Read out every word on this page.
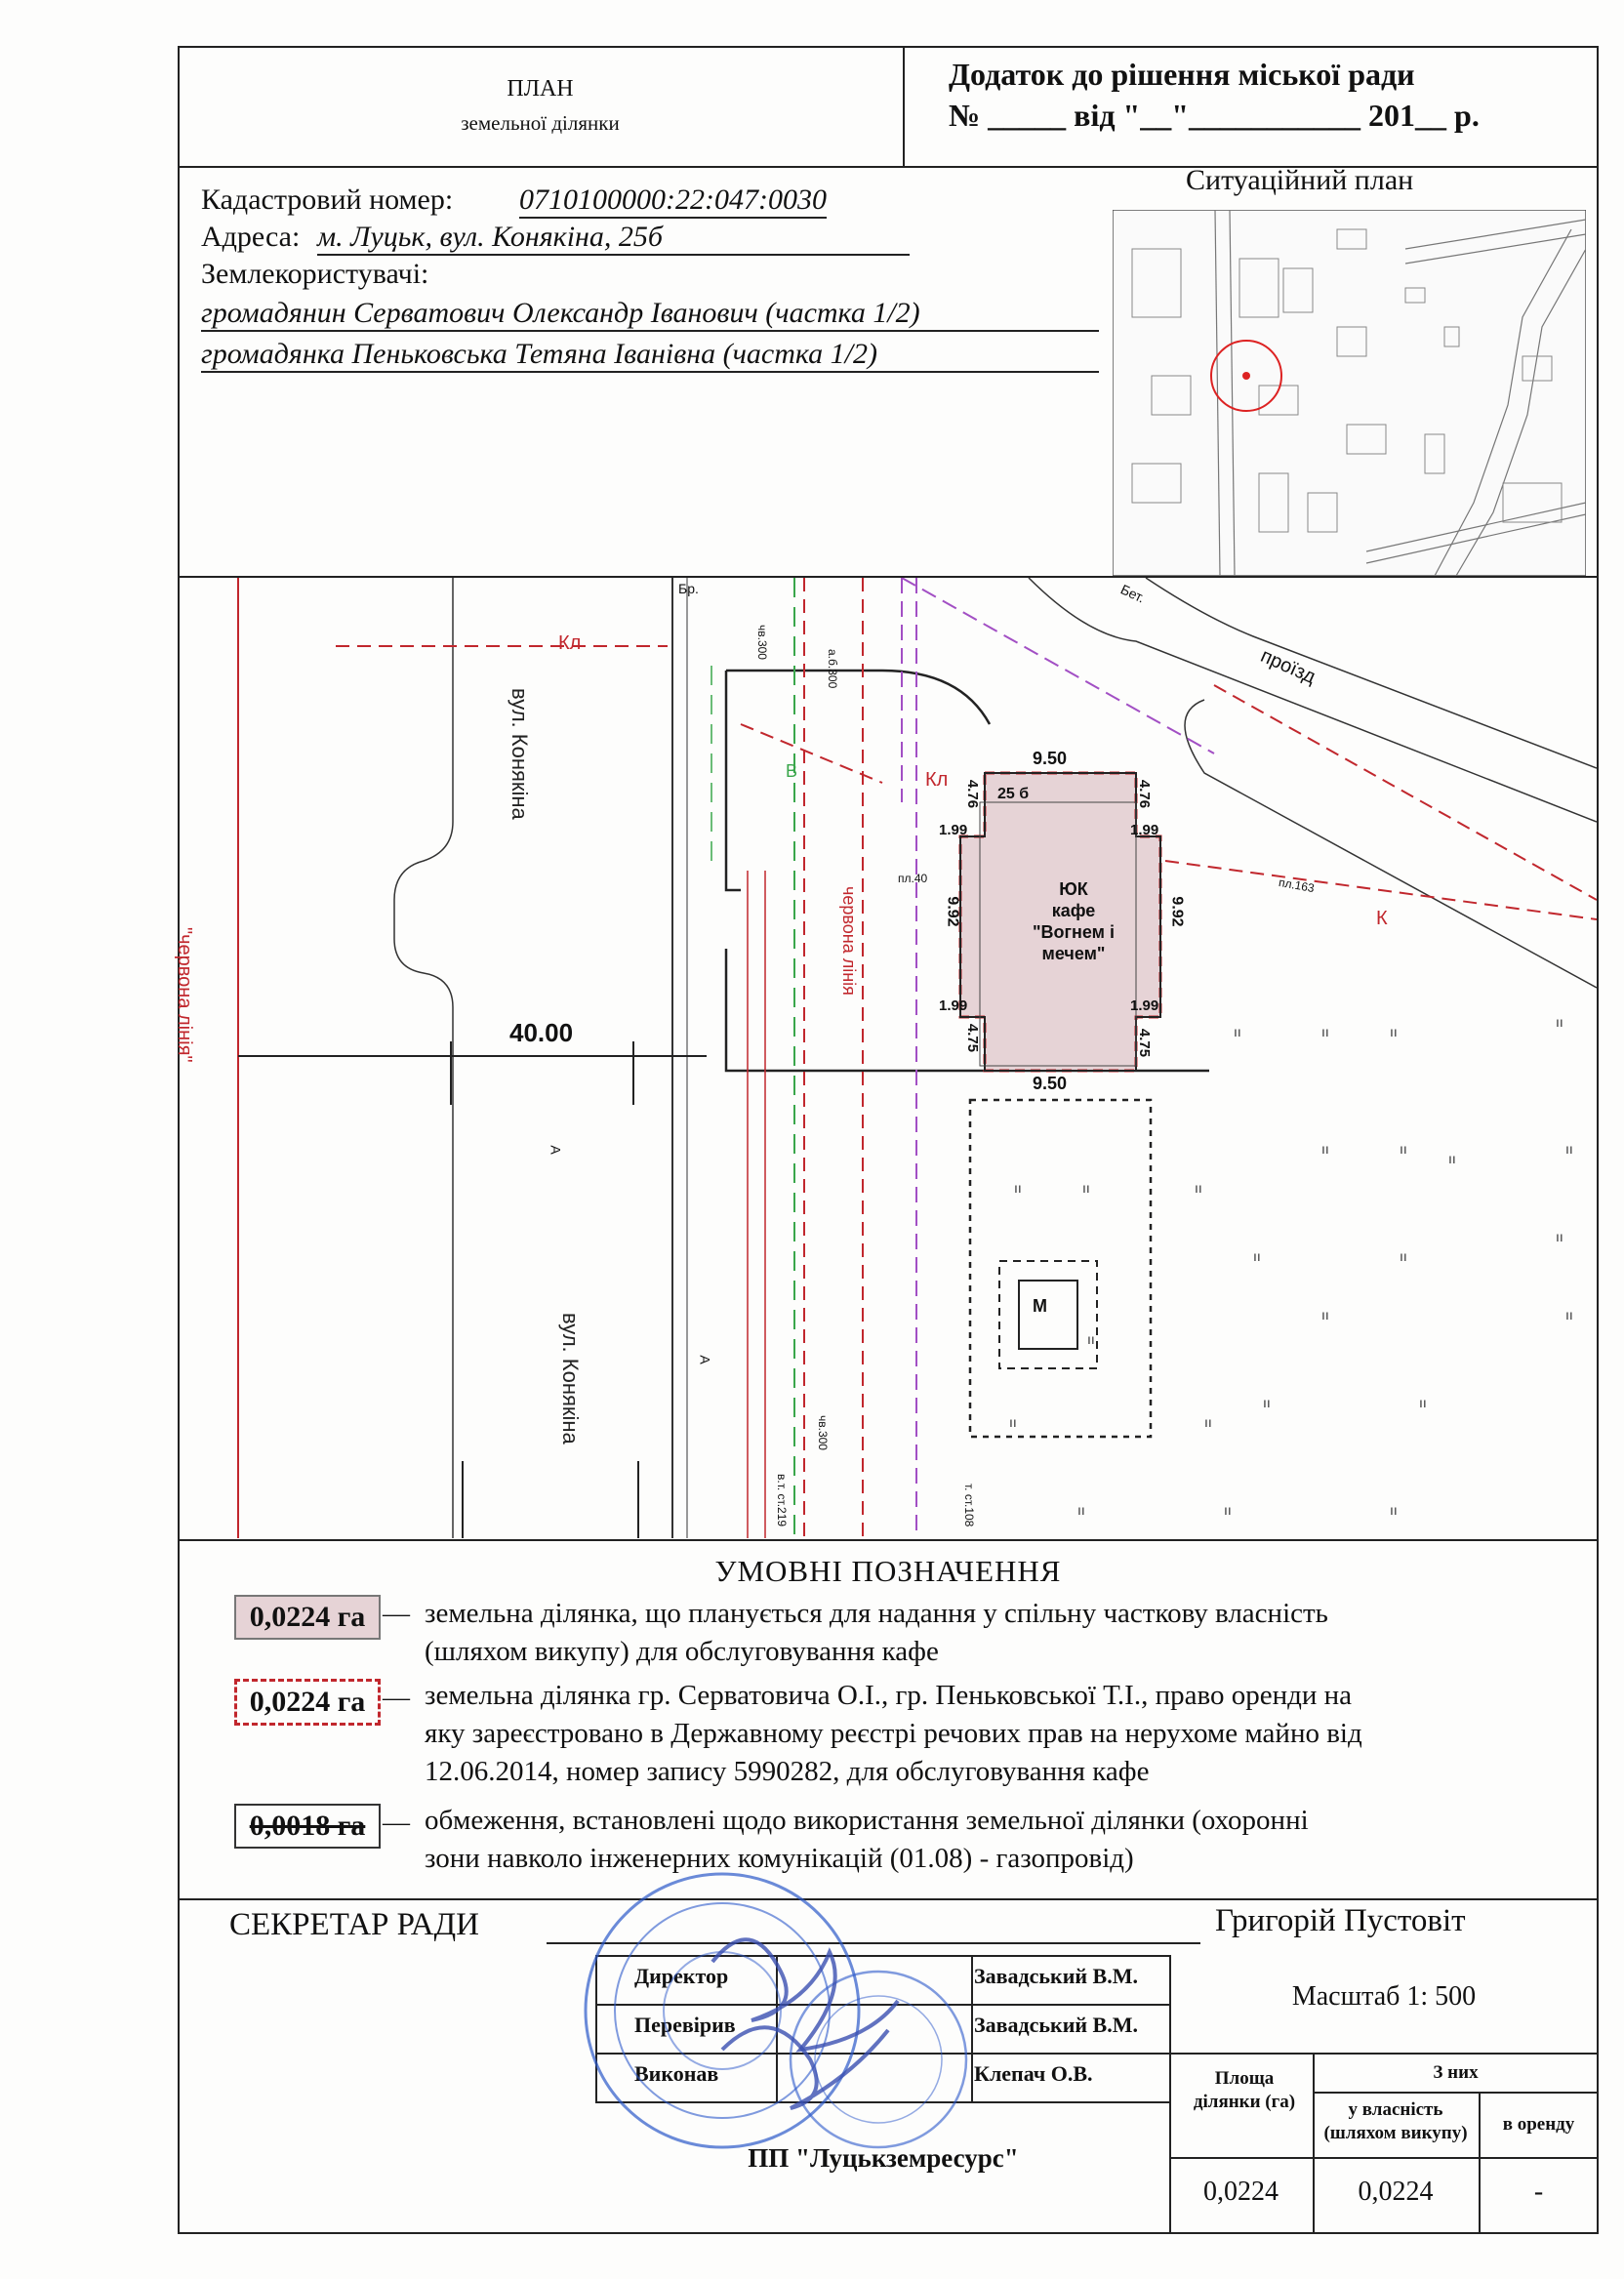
ПЛАН
земельної ділянки
Додаток до рішення міської ради
№ _____ від "__"___________ 201__ р.
Кадастровий номер: 0710100000:22:047:0030
Адреса: м. Луцьк, вул. Конякіна, 25б
Землекористувачі:
громадянин Серватович Олександр Іванович (частка 1/2)
громадянка Пеньковська Тетяна Іванівна (частка 1/2)
Ситуаційний план
ıı	ıı	ıı
ıı	ıı	ıı
ıı	ıı	ıı
ıı
ıı
ıı
ıı	ıı
ıı
ıı
ıı	ıı
ıı	ıı	ıı
ıı
ıı
ıı
"червона лінія"
вул. Конякіна
вул. Конякіна
проїзд
40.00
Кл
Кл
К
В
Бр.	Бет.
червона лінія	ЮК
кафе
"Вогнем і мечем"
9.50
9.50
9.92	9.92
4.76	4.76
4.75	4.75
1.99	1.99
1.99	1.99
25 б
пл.40	пл.163
М
А
А
чв.300
а.б.300
чв.300
в.т. ст.219	т. ст.108
УМОВНІ ПОЗНАЧЕННЯ
0,0224 га — земельна ділянка, що планується для надання у спільну часткову власність
(шляхом викупу) для обслуговування кафе
0,0224 га — земельна ділянка гр. Серватовича О.І., гр. Пеньковської Т.І., право оренди на
яку зареєстровано в Державному реєстрі речових прав на нерухоме майно від
12.06.2014, номер запису 5990282, для обслуговування кафе
0,0018 га — обмеження, встановлені щодо використання земельної ділянки (охоронні
зони навколо інженерних комунікацій (01.08) - газопровід)
СЕКРЕТАР РАДИ	Григорій Пустовіт
Директор	Завадський В.М.
Перевірив	Завадський В.М.
Виконав	Клепач О.В.
ПП "Луцькземресурс"
Масштаб 1: 500
Площа ділянки (га)
З них
у власність (шляхом викупу)	в оренду
0,0224	0,0224	-
